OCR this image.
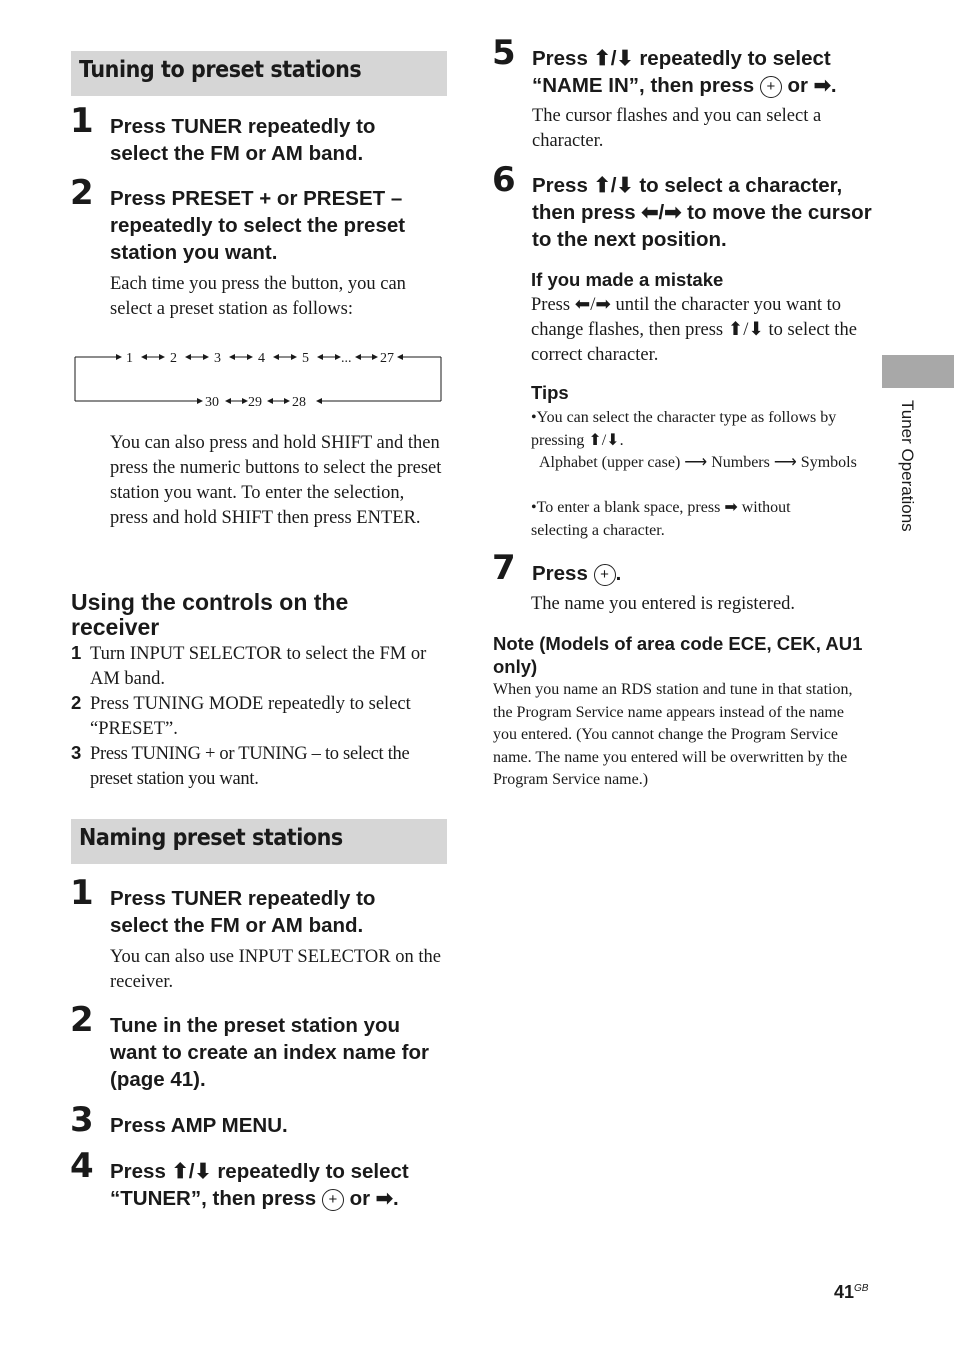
Tuning to preset stations
1 Press TUNER repeatedly to select the FM or AM band.
2 Press PRESET + or PRESET – repeatedly to select the preset station you want.
Each time you press the button, you can select a preset station as follows:
1	2	3	4	5 ... 27
30 29 28
You can also press and hold SHIFT and then press the numeric buttons to select the preset station you want. To enter the selection, press and hold SHIFT then press ENTER.
Using the controls on the receiver
1 Turn INPUT SELECTOR to select the FM or AM band.
2 Press TUNING MODE repeatedly to select “PRESET”.
3 Press TUNING + or TUNING – to select the preset station you want.
Naming preset stations
1 Press TUNER repeatedly to select the FM or AM band.
You can also use INPUT SELECTOR on the receiver.
2 Tune in the preset station you want to create an index name for (page 41).
3 Press AMP MENU.
4 Press ⬆/⬇ repeatedly to select “TUNER”, then press + or ➡.
5 Press ⬆/⬇ repeatedly to select “NAME IN”, then press + or ➡.
The cursor flashes and you can select a character.
6 Press ⬆/⬇ to select a character, then press ⬅/➡ to move the cursor to the next position.
If you made a mistake
Press ⬅/➡ until the character you want to change flashes, then press ⬆/⬇ to select the correct character.
Tips
•You can select the character type as follows by pressing ⬆/⬇.
Alphabet (upper case) ⟶ Numbers ⟶ Symbols
•To enter a blank space, press ➡ without selecting a character.
7 Press + .
The name you entered is registered.
Note (Models of area code ECE, CEK, AU1 only)
When you name an RDS station and tune in that station, the Program Service name appears instead of the name you entered. (You cannot change the Program Service name. The name you entered will be overwritten by the Program Service name.)
Tuner Operations
$41^{GB}$
